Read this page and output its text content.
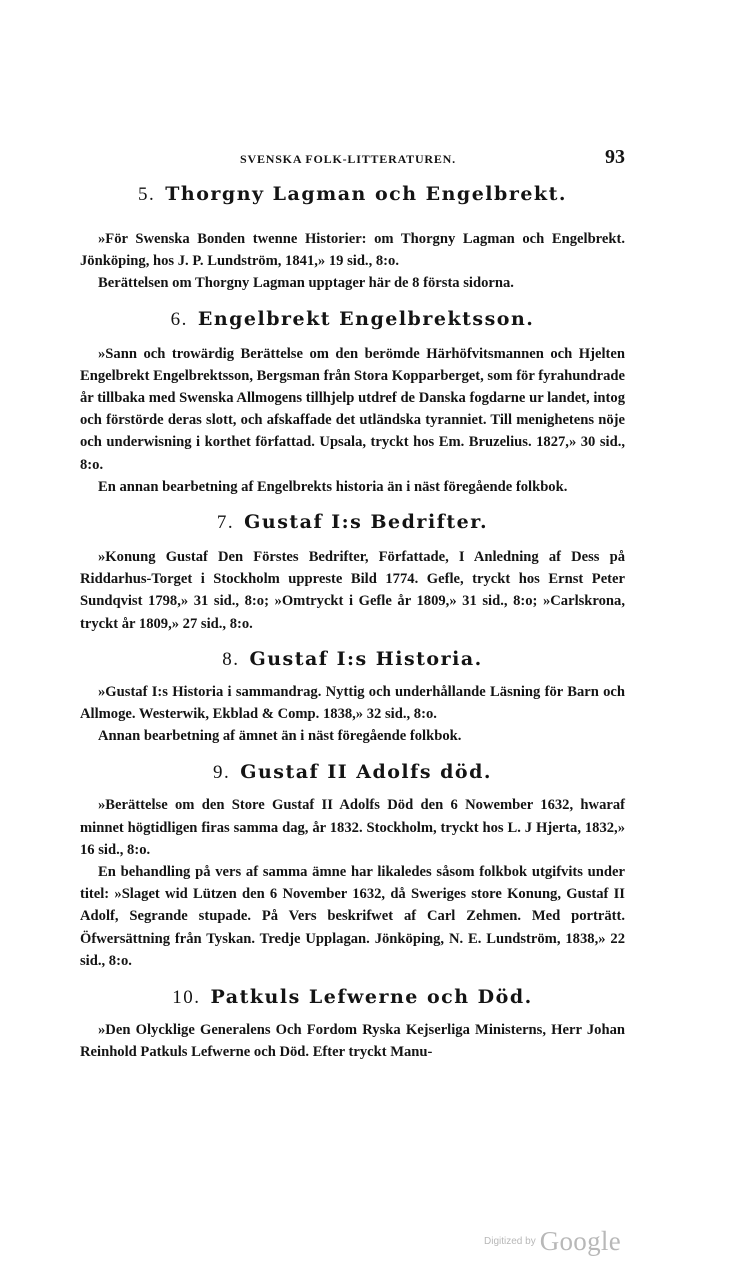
SVENSKA FOLK-LITTERATUREN.	93
5. Thorgny Lagman och Engelbrekt.

»För Swenska Bonden twenne Historier: om Thorgny Lagman och Engelbrekt. Jönköping, hos J. P. Lundström, 1841,» 19 sid., 8:o.

Berättelsen om Thorgny Lagman upptager här de 8 första sidorna.

6. Engelbrekt Engelbrektsson.

»Sann och trowärdig Berättelse om den berömde Härhöfvitsmannen och Hjelten Engelbrekt Engelbrektsson, Bergsman från Stora Kopparberget, som för fyrahundrade år tillbaka med Swenska Allmogens tillhjelp utdref de Danska fogdarne ur landet, intog och förstörde deras slott, och afskaffade det utländska tyranniet. Till menighetens nöje och underwisning i korthet författad. Upsala, tryckt hos Em. Bruzelius. 1827,» 30 sid., 8:o.

En annan bearbetning af Engelbrekts historia än i näst föregående folkbok.

7. Gustaf I:s Bedrifter.

»Konung Gustaf Den Förstes Bedrifter, Författade, I Anledning af Dess på Riddarhus-Torget i Stockholm uppreste Bild 1774. Gefle, tryckt hos Ernst Peter Sundqvist 1798,» 31 sid., 8:o; »Omtryckt i Gefle år 1809,» 31 sid., 8:o; »Carlskrona, tryckt år 1809,» 27 sid., 8:o.

8. Gustaf I:s Historia.

»Gustaf I:s Historia i sammandrag. Nyttig och underhållande Läsning för Barn och Allmoge. Westerwik, Ekblad & Comp. 1838,» 32 sid., 8:o.

Annan bearbetning af ämnet än i näst föregående folkbok.

9. Gustaf II Adolfs död.

»Berättelse om den Store Gustaf II Adolfs Död den 6 Nowember 1632, hwaraf minnet högtidligen firas samma dag, år 1832. Stockholm, tryckt hos L. J Hjerta, 1832,» 16 sid., 8:o.

En behandling på vers af samma ämne har likaledes såsom folkbok utgifvits under titel: »Slaget wid Lützen den 6 November 1632, då Sweriges store Konung, Gustaf II Adolf, Segrande stupade. På Vers beskrifwet af Carl Zehmen. Med porträtt. Öfwersättning från Tyskan. Tredje Upplagan. Jönköping, N. E. Lundström, 1838,» 22 sid., 8:o.

10. Patkuls Lefwerne och Död.

»Den Olycklige Generalens Och Fordom Ryska Kejserliga Ministerns, Herr Johan Reinhold Patkuls Lefwerne och Död. Efter tryckt Manu-

Digitized by Google
